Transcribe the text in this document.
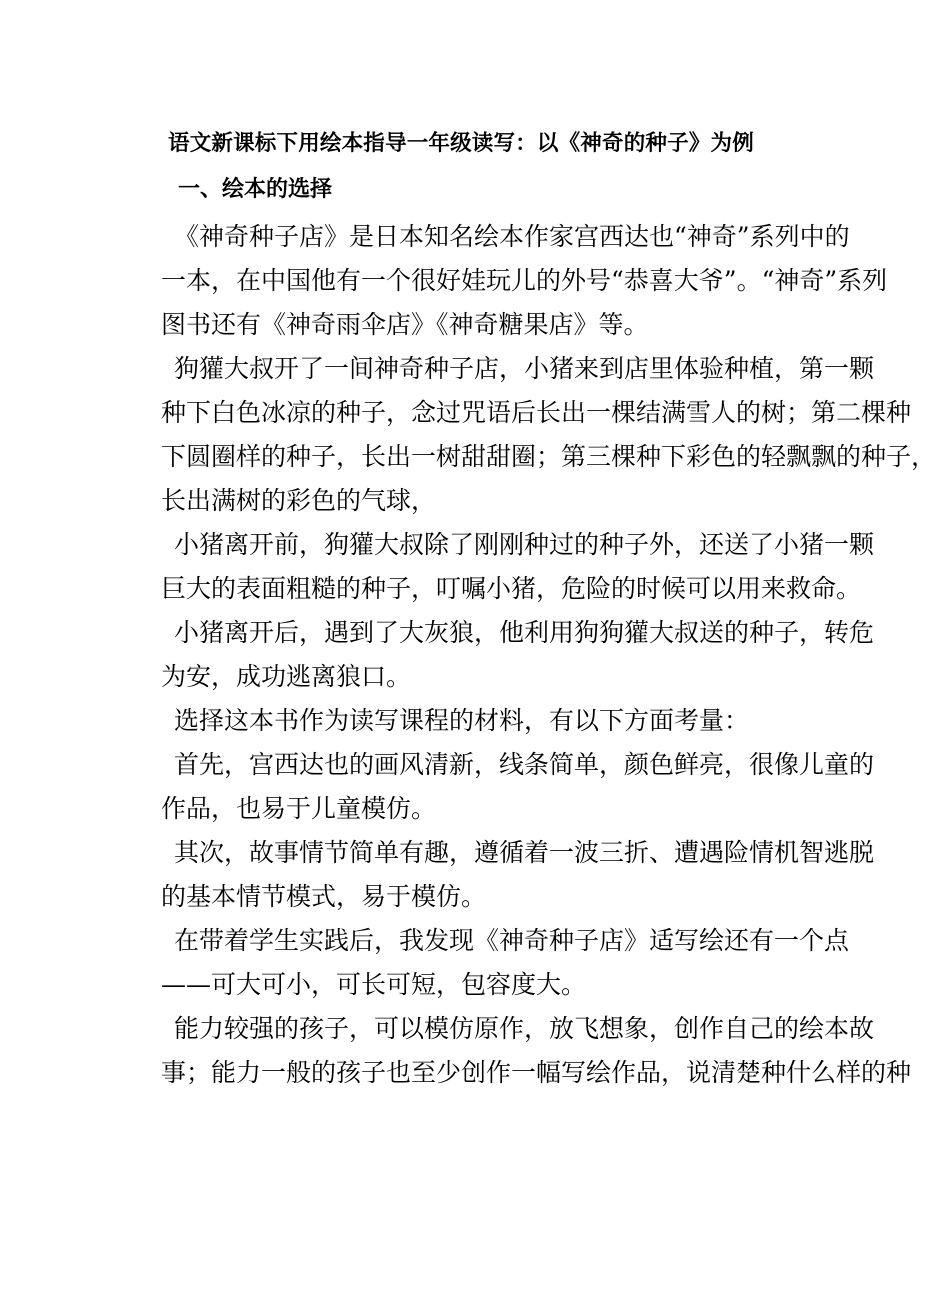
语文新课标下用绘本指导一年级读写：以《神奇的种子》为例
一、绘本的选择
《神奇种子店》是日本知名绘本作家宫西达也“神奇”系列中的
一本，在中国他有一个很好娃玩儿的外号“恭喜大爷”。“神奇”系列
图书还有《神奇雨伞店》《神奇糖果店》等。
狗獾大叔开了一间神奇种子店，小猪来到店里体验种植，第一颗
种下白色冰凉的种子，念过咒语后长出一棵结满雪人的树；第二棵种
下圆圈样的种子，长出一树甜甜圈；第三棵种下彩色的轻飘飘的种子，
长出满树的彩色的气球，
小猪离开前，狗獾大叔除了刚刚种过的种子外，还送了小猪一颗
巨大的表面粗糙的种子，叮嘱小猪，危险的时候可以用来救命。
小猪离开后，遇到了大灰狼，他利用狗狗獾大叔送的种子，转危
为安，成功逃离狼口。
选择这本书作为读写课程的材料，有以下方面考量：
首先，宫西达也的画风清新，线条简单，颜色鲜亮，很像儿童的
作品，也易于儿童模仿。
其次，故事情节简单有趣，遵循着一波三折、遭遇险情机智逃脱
的基本情节模式，易于模仿。
在带着学生实践后，我发现《神奇种子店》适写绘还有一个点
——可大可小，可长可短，包容度大。
能力较强的孩子，可以模仿原作，放飞想象，创作自己的绘本故
事；能力一般的孩子也至少创作一幅写绘作品，说清楚种什么样的种
